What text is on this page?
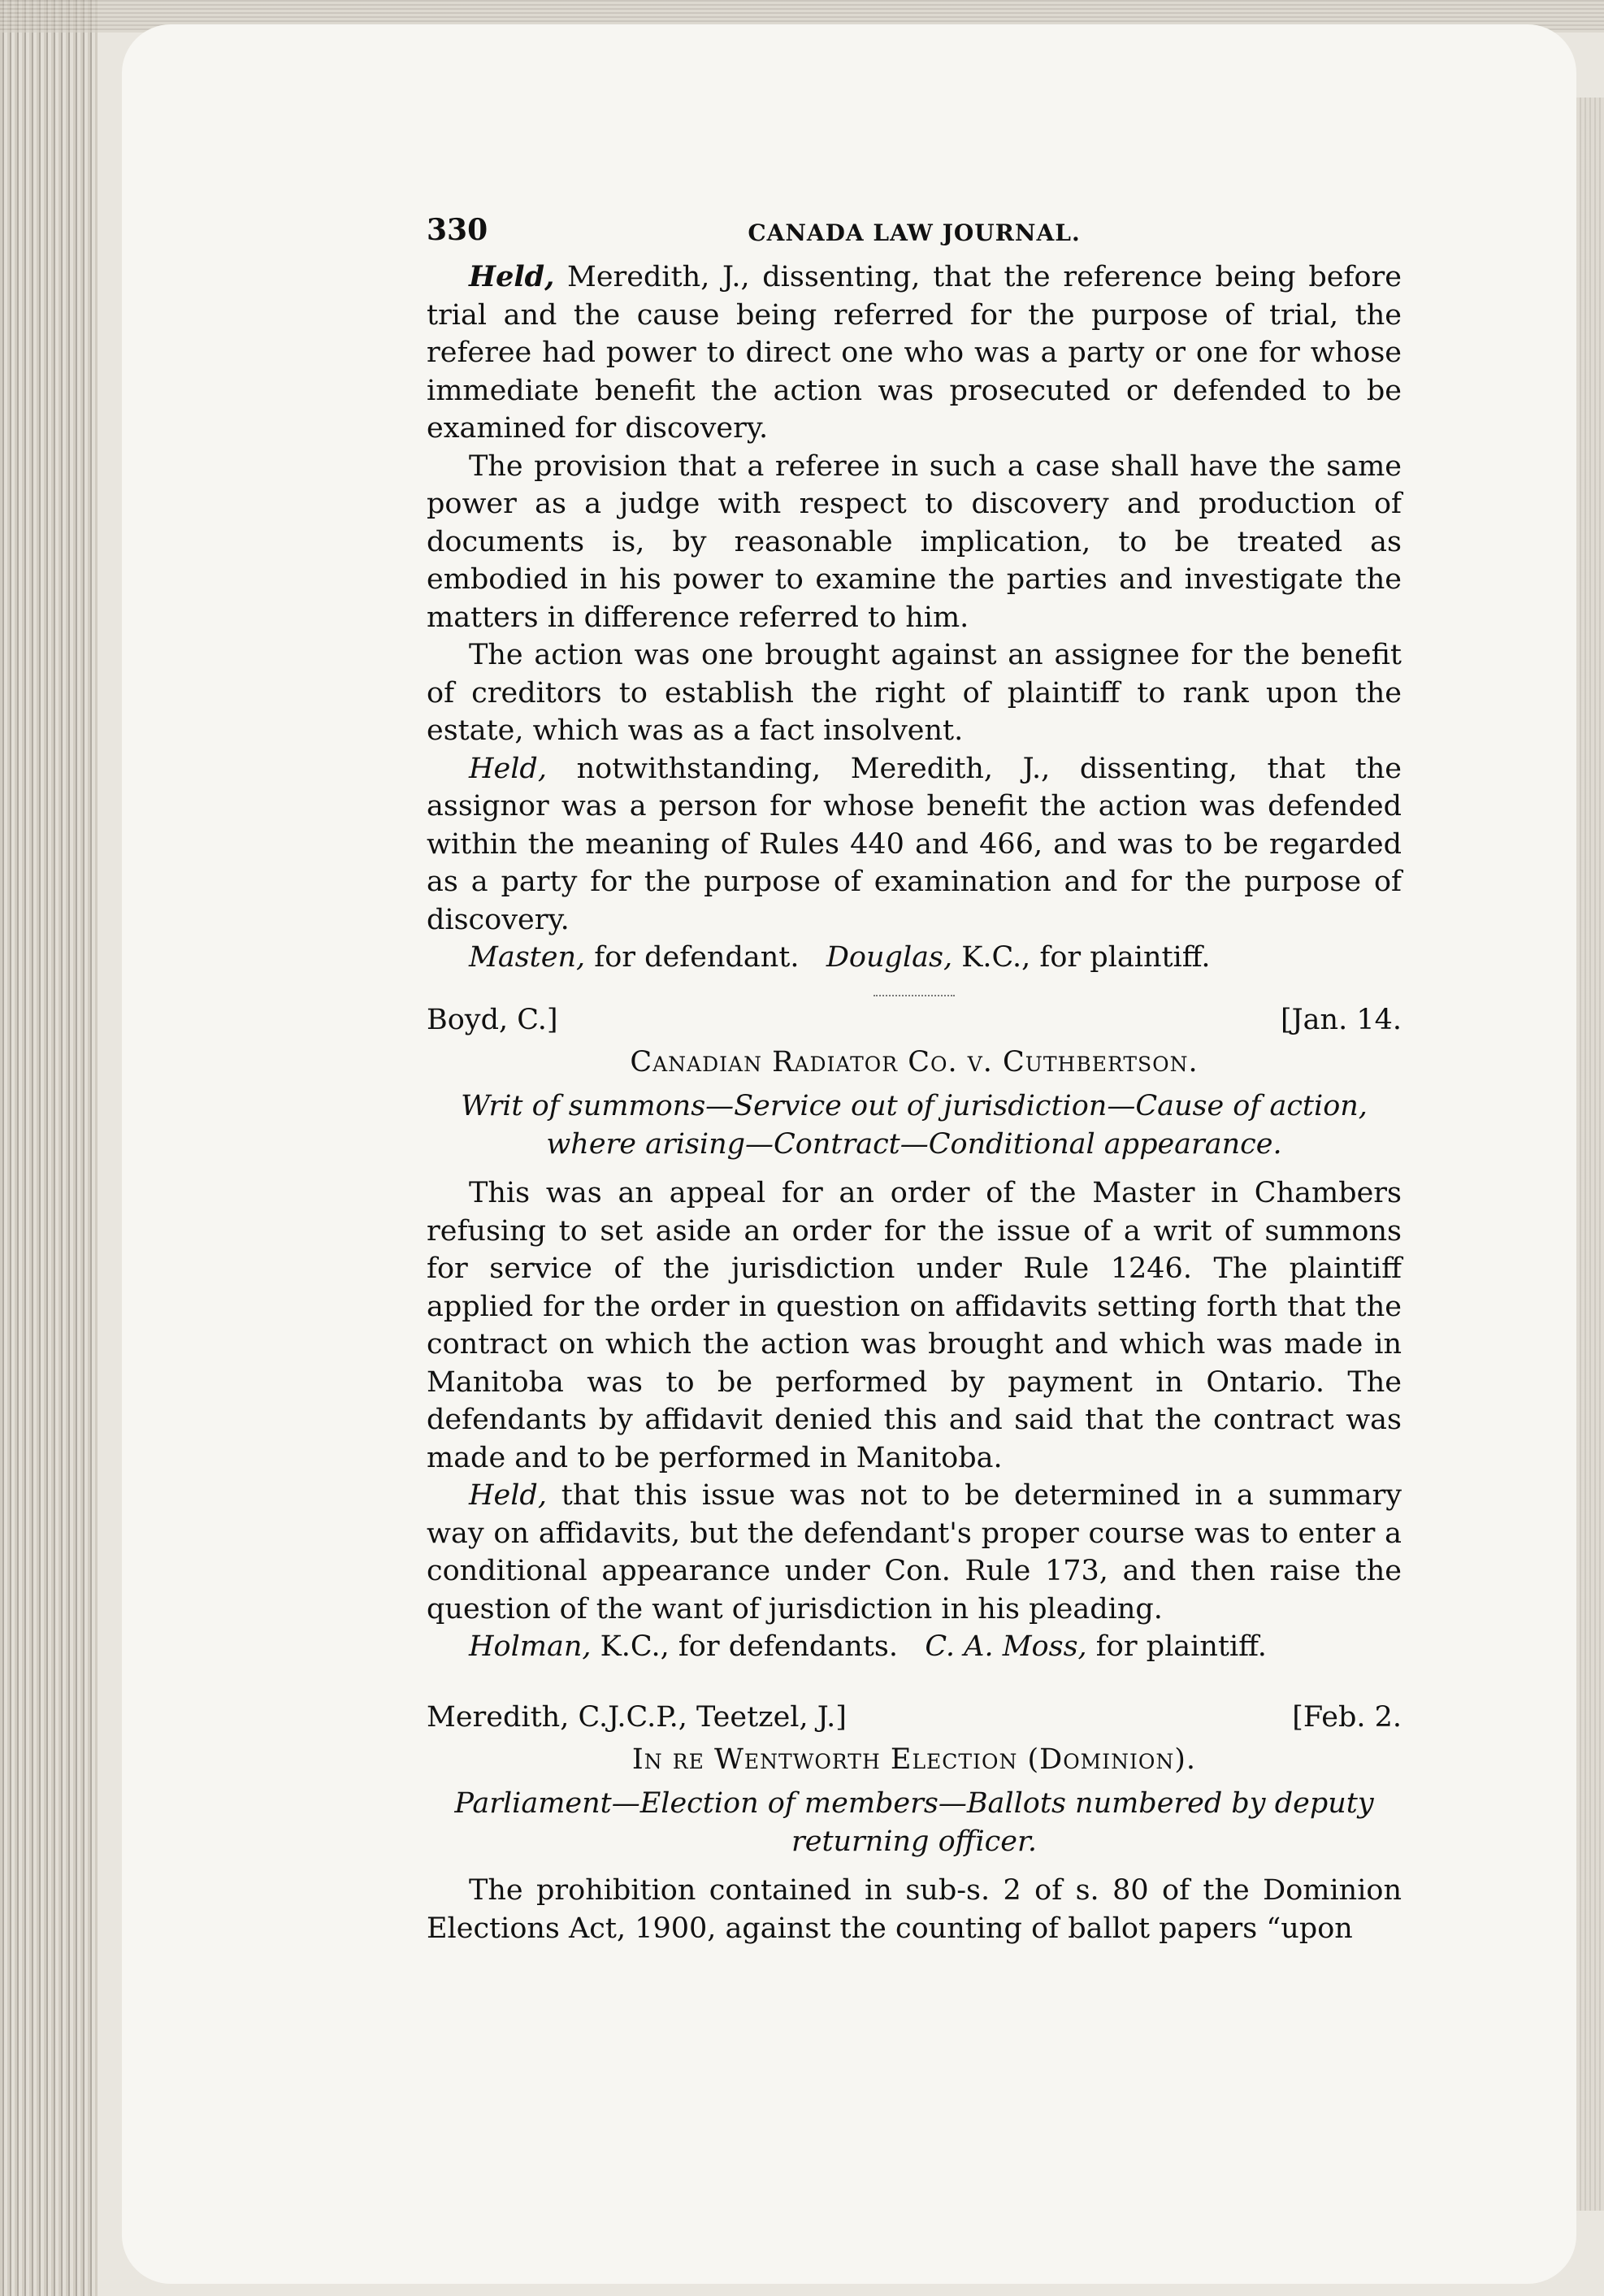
330	CANADA LAW JOURNAL.

Held, Meredith, J., dissenting, that the reference being before trial and the cause being referred for the purpose of trial, the referee had power to direct one who was a party or one for whose immediate benefit the action was prosecuted or defended to be examined for discovery.

The provision that a referee in such a case shall have the same power as a judge with respect to discovery and production of documents is, by reasonable implication, to be treated as embodied in his power to examine the parties and investigate the matters in difference referred to him.

The action was one brought against an assignee for the benefit of creditors to establish the right of plaintiff to rank upon the estate, which was as a fact insolvent.

Held, notwithstanding, Meredith, J., dissenting, that the assignor was a person for whose benefit the action was defended within the meaning of Rules 440 and 466, and was to be regarded as a party for the purpose of examination and for the purpose of discovery.

Masten, for defendant. Douglas, K.C., for plaintiff.

Boyd, C.]	[Jan. 14.
Canadian Radiator Co. v. Cuthbertson.
Writ of summons—Service out of jurisdiction—Cause of action, where arising—Contract—Conditional appearance.

This was an appeal for an order of the Master in Chambers refusing to set aside an order for the issue of a writ of summons for service of the jurisdiction under Rule 1246. The plaintiff applied for the order in question on affidavits setting forth that the contract on which the action was brought and which was made in Manitoba was to be performed by payment in Ontario. The defendants by affidavit denied this and said that the contract was made and to be performed in Manitoba.

Held, that this issue was not to be determined in a summary way on affidavits, but the defendant's proper course was to enter a conditional appearance under Con. Rule 173, and then raise the question of the want of jurisdiction in his pleading.

Holman, K.C., for defendants. C. A. Moss, for plaintiff.

Meredith, C.J.C.P., Teetzel, J.]	[Feb. 2.
In re Wentworth Election (Dominion).
Parliament—Election of members—Ballots numbered by deputy returning officer.

The prohibition contained in sub-s. 2 of s. 80 of the Dominion Elections Act, 1900, against the counting of ballot papers “upon
